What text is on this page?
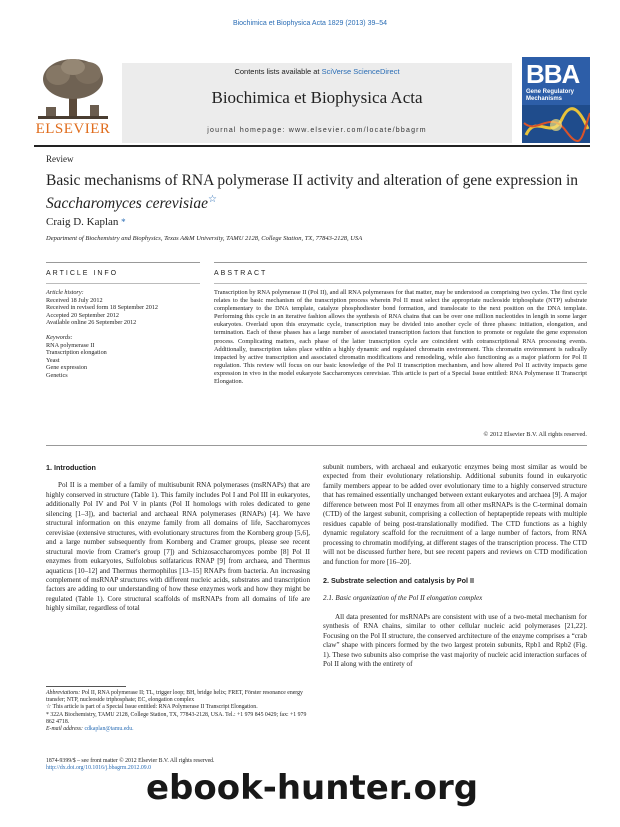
Biochimica et Biophysica Acta 1829 (2013) 39–54
ELSEVIER
Contents lists available at SciVerse ScienceDirect
Biochimica et Biophysica Acta
journal homepage: www.elsevier.com/locate/bbagrm
BBA
Gene Regulatory Mechanisms
Review
Basic mechanisms of RNA polymerase II activity and alteration of gene expression in
Saccharomyces cerevisiae☆
Craig D. Kaplan *
Department of Biochemistry and Biophysics, Texas A&M University, TAMU 2128, College Station, TX, 77843-2128, USA
ARTICLE INFO	ABSTRACT
Article history:
Received 18 July 2012
Received in revised form 18 September 2012
Accepted 20 September 2012
Available online 26 September 2012
Keywords:
RNA polymerase II
Transcription elongation
Yeast
Gene expression
Genetics
Transcription by RNA polymerase II (Pol II), and all RNA polymerases for that matter, may be understood as comprising two cycles. The first cycle relates to the basic mechanism of the transcription process wherein Pol II must select the appropriate nucleoside triphosphate (NTP) substrate complementary to the DNA template, catalyze phosphodiester bond formation, and translocate to the next position on the DNA template. Performing this cycle in an iterative fashion allows the synthesis of RNA chains that can be over one million nucleotides in length in some larger eukaryotes. Overlaid upon this enzymatic cycle, transcription may be divided into another cycle of three phases: initiation, elongation, and termination. Each of these phases has a large number of associated transcription factors that function to promote or regulate the gene expression process. Complicating matters, each phase of the latter transcription cycle are coincident with cotranscriptional RNA processing events. Additionally, transcription takes place within a highly dynamic and regulated chromatin environment. This chromatin environment is radically impacted by active transcription and associated chromatin modifications and remodeling, while also functioning as a major platform for Pol II regulation. This review will focus on our basic knowledge of the Pol II transcription mechanism, and how altered Pol II activity impacts gene expression in vivo in the model eukaryote Saccharomyces cerevisiae. This article is part of a Special Issue entitled: RNA Polymerase II Transcript Elongation.
© 2012 Elsevier B.V. All rights reserved.
1. Introduction
Pol II is a member of a family of multisubunit RNA polymerases (msRNAPs) that are highly conserved in structure (Table 1). This family includes Pol I and Pol III in eukaryotes, additionally Pol IV and Pol V in plants (Pol II homologs with roles dedicated to gene silencing [1–3]), and bacterial and archaeal RNA polymerases (RNAPs) [4]. We have structural information on this enzyme family from all domains of life, Saccharomyces cerevisiae (extensive structures, with evolutionary structures from the Kornberg group [5,6], and a large number subsequently from Kornberg and Cramer groups, please see recent structural movie from Cramer's group [7]) and Schizosaccharomyces pombe [8] Pol II enzymes from eukaryotes, Sulfolobus solfataricus RNAP [9] from archaea, and Thermus aquaticus [10–12] and Thermus thermophilus [13–15] RNAPs from bacteria. An increasing complement of msRNAP structures with different nucleic acids, substrates and transcription factors are adding to our understanding of how these enzymes work and how they might be regulated (Table 1). Core structural scaffolds of msRNAPs from all domains of life are highly similar, regardless of total
subunit numbers, with archaeal and eukaryotic enzymes being most similar as would be expected from their evolutionary relationship. Additional subunits found in eukaryotic family members appear to be added over evolutionary time to a highly conserved structure that has remained essentially unchanged between extant eukaryotes and archaea [9]. A major difference between most Pol II enzymes from all other msRNAPs is the C-terminal domain (CTD) of the largest subunit, comprising a collection of heptapeptide repeats with multiple residues capable of being post-translationally modified. The CTD functions as a highly dynamic regulatory scaffold for the recruitment of a large number of factors, from RNA processing to chromatin modifying, at different stages of the transcription process. The CTD will not be discussed further here, but see recent papers and reviews on CTD modification and function for more [16–20].
2. Substrate selection and catalysis by Pol II
2.1. Basic organization of the Pol II elongation complex
All data presented for msRNAPs are consistent with use of a two-metal mechanism for synthesis of RNA chains, similar to other cellular nucleic acid polymerases [21,22]. Focusing on the Pol II structure, the conserved architecture of the enzyme comprises a “crab claw” shape with pincers formed by the two largest protein subunits, Rpb1 and Rpb2 (Fig. 1). These two subunits also comprise the vast majority of nucleic acid interaction surfaces of Pol II along with the entirety of
Abbreviations: Pol II, RNA polymerase II; TL, trigger loop; BH, bridge helix; FRET, Förster resonance energy transfer; NTP, nucleoside triphosphate; EC, elongation complex
☆ This article is part of a Special Issue entitled: RNA Polymerase II Transcript Elongation.
* 322A Biochemistry, TAMU 2128, College Station, TX, 77843-2128, USA. Tel.: +1 979 845 0429; fax: +1 979 862 4718.
E-mail address: cdkaplan@tamu.edu.
1874-9399/$ – see front matter © 2012 Elsevier B.V. All rights reserved.
http://dx.doi.org/10.1016/j.bbagrm.2012.09.0
ebook-hunter.org
